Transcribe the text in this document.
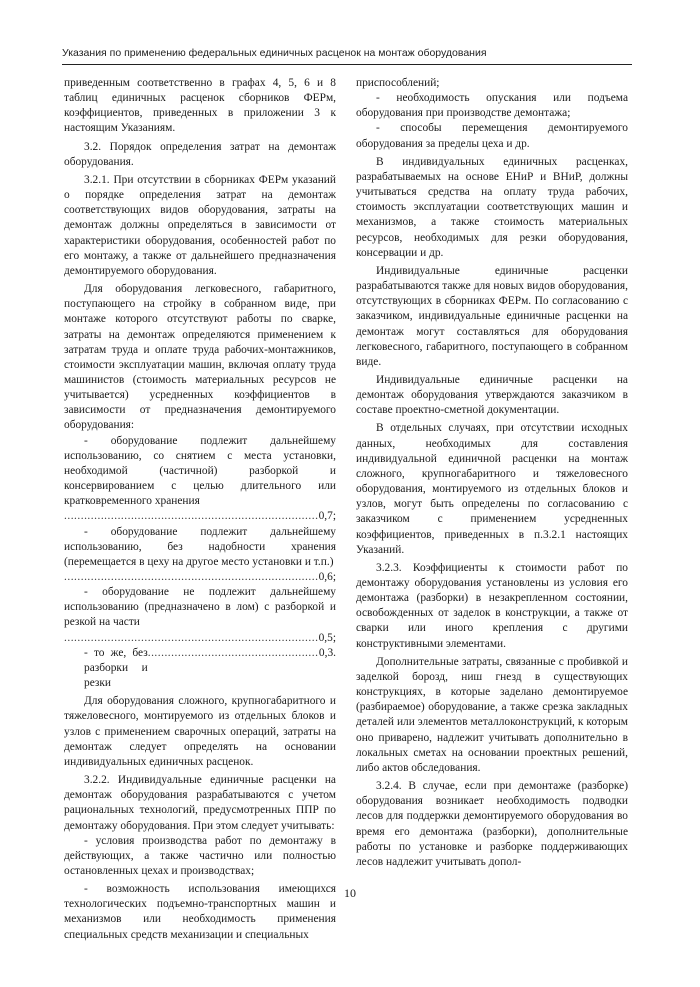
Указания по применению федеральных единичных расценок на монтаж оборудования

приведенным соответственно в графах 4, 5, 6 и 8 таблиц единичных расценок сборников ФЕРм, коэффициентов, приведенных в приложении 3 к настоящим Указаниям.

3.2. Порядок определения затрат на демонтаж оборудования.

3.2.1. При отсутствии в сборниках ФЕРм указаний о порядке определения затрат на демонтаж соответствующих видов оборудования, затраты на демонтаж должны определяться в зависимости от характеристики оборудования, особенностей работ по его монтажу, а также от дальнейшего предназначения демонтируемого оборудования.

Для оборудования легковесного, габаритного, поступающего на стройку в собранном виде, при монтаже которого отсутствуют работы по сварке, затраты на демонтаж определяются применением к затратам труда и оплате труда рабочих-монтажников, стоимости эксплуатации машин, включая оплату труда машинистов (стоимость материальных ресурсов не учитывается) усредненных коэффициентов в зависимости от предназначения демонтируемого оборудования:

- оборудование подлежит дальнейшему использованию, со снятием с места установки, необходимой (частичной) разборкой и консервированием с целью длительного или кратковременного хранения

.....
0,7;

- оборудование подлежит дальнейшему использованию, без надобности хранения (перемещается в цеху на другое место установки и т.п.)

.....
0,6;

- оборудование не подлежит дальнейшему использованию (предназначено в лом) с разборкой и резкой на части

.....
0,5;
- то же, без разборки и резки
.....
0,3.

Для оборудования сложного, крупногабаритного и тяжеловесного, монтируемого из отдельных блоков и узлов с применением сварочных операций, затраты на демонтаж следует определять на основании индивидуальных единичных расценок.

3.2.2. Индивидуальные единичные расценки на демонтаж оборудования разрабатываются с учетом рациональных технологий, предусмотренных ППР по демонтажу оборудования. При этом следует учитывать:

- условия производства работ по демонтажу в действующих, а также частично или полностью остановленных цехах и производствах;

- возможность использования имеющихся технологических подъемно-транспортных машин и механизмов или необходимость применения специальных средств механизации и специальных

приспособлений;

- необходимость опускания или подъема оборудования при производстве демонтажа;

- способы перемещения демонтируемого оборудования за пределы цеха и др.

В индивидуальных единичных расценках, разрабатываемых на основе ЕНиР и ВНиР, должны учитываться средства на оплату труда рабочих, стоимость эксплуатации соответствующих машин и механизмов, а также стоимость материальных ресурсов, необходимых для резки оборудования, консервации и др.

Индивидуальные единичные расценки разрабатываются также для новых видов оборудования, отсутствующих в сборниках ФЕРм. По согласованию с заказчиком, индивидуальные единичные расценки на демонтаж могут составляться для оборудования легковесного, габаритного, поступающего в собранном виде.

Индивидуальные единичные расценки на демонтаж оборудования утверждаются заказчиком в составе проектно-сметной документации.

В отдельных случаях, при отсутствии исходных данных, необходимых для составления индивидуальной единичной расценки на монтаж сложного, крупногабаритного и тяжеловесного оборудования, монтируемого из отдельных блоков и узлов, могут быть определены по согласованию с заказчиком с применением усредненных коэффициентов, приведенных в п.3.2.1 настоящих Указаний.

3.2.3. Коэффициенты к стоимости работ по демонтажу оборудования установлены из условия его демонтажа (разборки) в незакрепленном состоянии, освобожденных от заделок в конструкции, а также от сварки или иного крепления с другими конструктивными элементами.

Дополнительные затраты, связанные с пробивкой и заделкой борозд, ниш гнезд в существующих конструкциях, в которые заделано демонтируемое (разбираемое) оборудование, а также срезка закладных деталей или элементов металлоконструкций, к которым оно приварено, надлежит учитывать дополнительно в локальных сметах на основании проектных решений, либо актов обследования.

3.2.4. В случае, если при демонтаже (разборке) оборудования возникает необходимость подводки лесов для поддержки демонтируемого оборудования во время его демонтажа (разборки), дополнительные работы по установке и разборке поддерживающих лесов надлежит учитывать допол-

10
